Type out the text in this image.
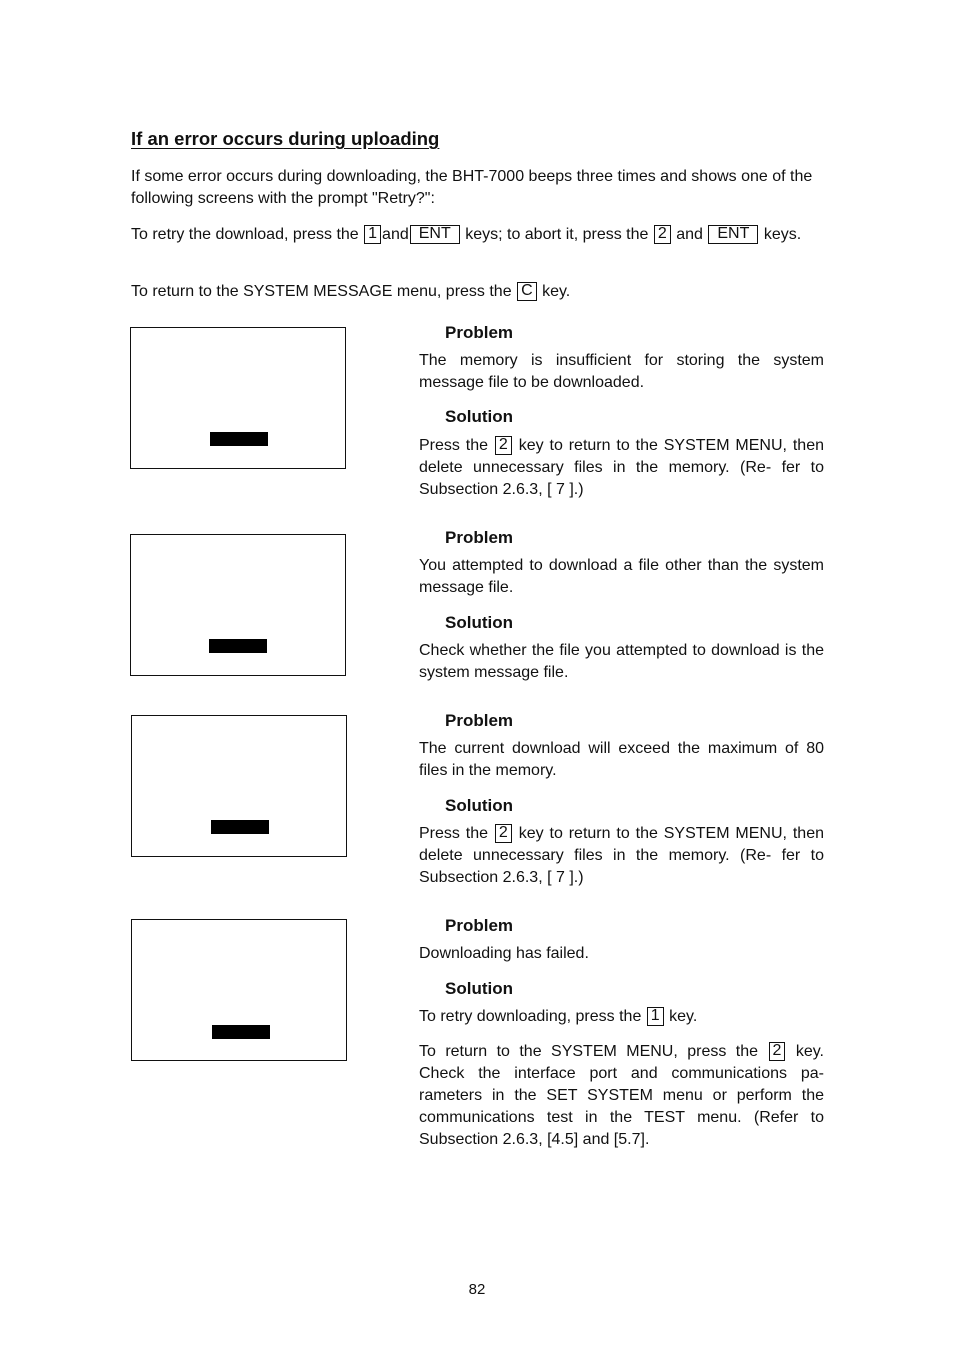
If an error occurs during uploading
If some error occurs during downloading, the BHT-7000 beeps three times and shows one of the following screens with the prompt "Retry?":
To retry the download, press the 1 and ENT keys; to abort it, press the 2 and ENT keys.
To return to the SYSTEM MESSAGE menu, press the C key.
Problem
The memory is insufficient for storing the system message file to be downloaded.
Solution
Press the 2 key to return to the SYSTEM MENU, then delete unnecessary files in the memory. (Re- fer to Subsection 2.6.3, [ 7 ].)
Problem
You attempted to download a file other than the system message file.
Solution
Check whether the file you attempted to download is the system message file.
Problem
The current download will exceed the maximum of 80 files in the memory.
Solution
Press the 2 key to return to the SYSTEM MENU, then delete unnecessary files in the memory. (Re- fer to Subsection 2.6.3, [ 7 ].)
Problem
Downloading has failed.
Solution
To retry downloading, press the 1 key.
To return to the SYSTEM MENU, press the 2 key. Check the interface port and communications pa- rameters in the SET SYSTEM menu or perform the communications test in the TEST menu. (Refer to Subsection 2.6.3, [4.5] and [5.7].
82
